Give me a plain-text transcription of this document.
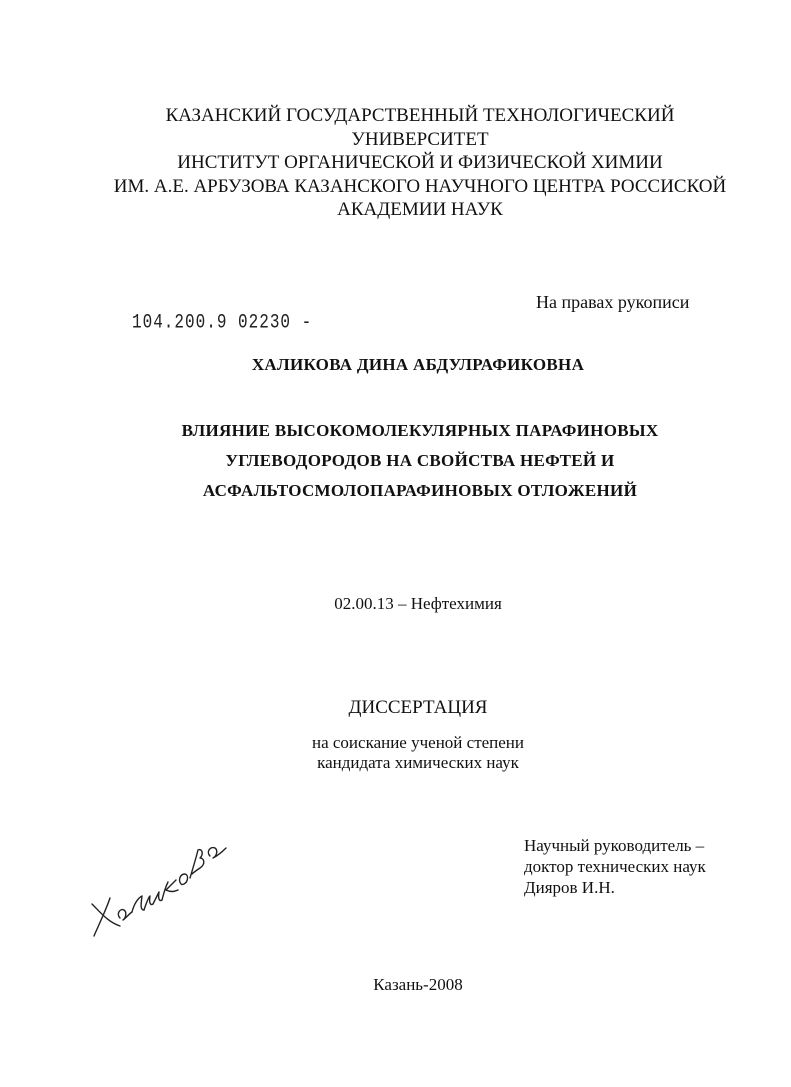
КАЗАНСКИЙ ГОСУДАРСТВЕННЫЙ ТЕХНОЛОГИЧЕСКИЙ
УНИВЕРСИТЕТ
ИНСТИТУТ ОРГАНИЧЕСКОЙ И ФИЗИЧЕСКОЙ ХИМИИ
ИМ. А.Е. АРБУЗОВА КАЗАНСКОГО НАУЧНОГО ЦЕНТРА РОССИСКОЙ
АКАДЕМИИ НАУК
На правах рукописи
104.200.9 02230 -
ХАЛИКОВА ДИНА АБДУЛРАФИКОВНА
ВЛИЯНИЕ ВЫСОКОМОЛЕКУЛЯРНЫХ ПАРАФИНОВЫХ
УГЛЕВОДОРОДОВ НА СВОЙСТВА НЕФТЕЙ И
АСФАЛЬТОСМОЛОПАРАФИНОВЫХ ОТЛОЖЕНИЙ
02.00.13 – Нефтехимия
ДИССЕРТАЦИЯ
на соискание ученой степени
кандидата химических наук
Научный руководитель –
доктор технических наук
Дияров И.Н.
Казань-2008
